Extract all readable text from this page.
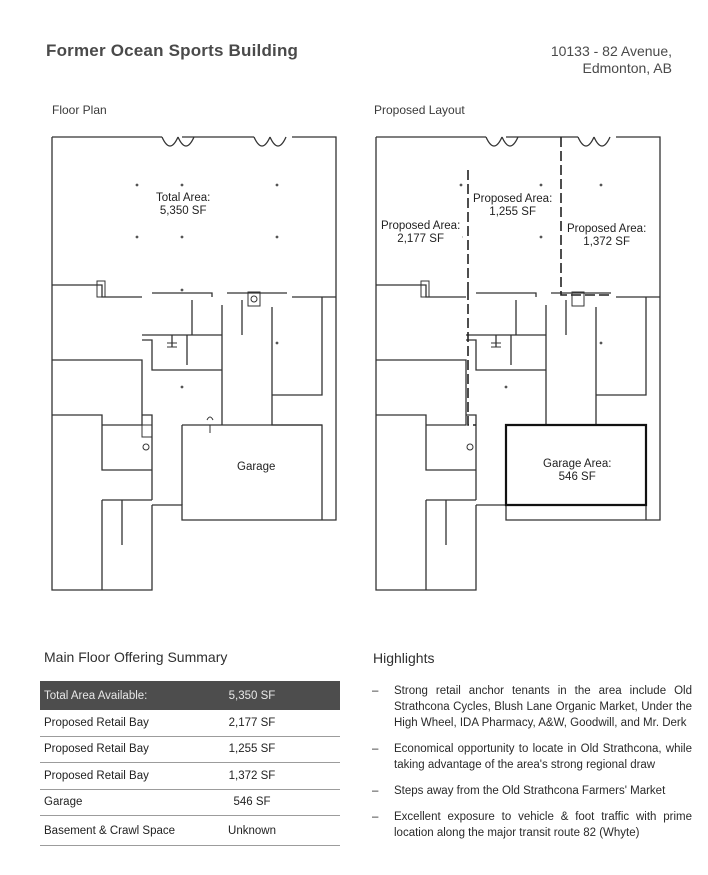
Former Ocean Sports Building	10133 - 82 Avenue,
Edmonton, AB
Floor Plan
Total Area:
5,350 SF
Garage
Proposed Layout
Proposed Area:
2,177 SF
Proposed Area:
1,255 SF
Proposed Area:
1,372 SF
Garage Area:
546 SF
Main Floor Offering Summary
Total Area Available:	5,350 SF
Proposed Retail Bay	2,177 SF
Proposed Retail Bay	1,255 SF
Proposed Retail Bay	1,372 SF
Garage	546 SF
Basement & Crawl Space	Unknown
Highlights
–	Strong retail anchor tenants in the area include Old Strathcona Cycles, Blush Lane Organic Market, Under the High Wheel, IDA Pharmacy, A&W, Goodwill, and Mr. Derk
–	Economical opportunity to locate in Old Strathcona, while taking advantage of the area's strong regional draw
–	Steps away from the Old Strathcona Farmers' Market
–	Excellent exposure to vehicle & foot traffic with prime location along the major transit route 82 (Whyte)
